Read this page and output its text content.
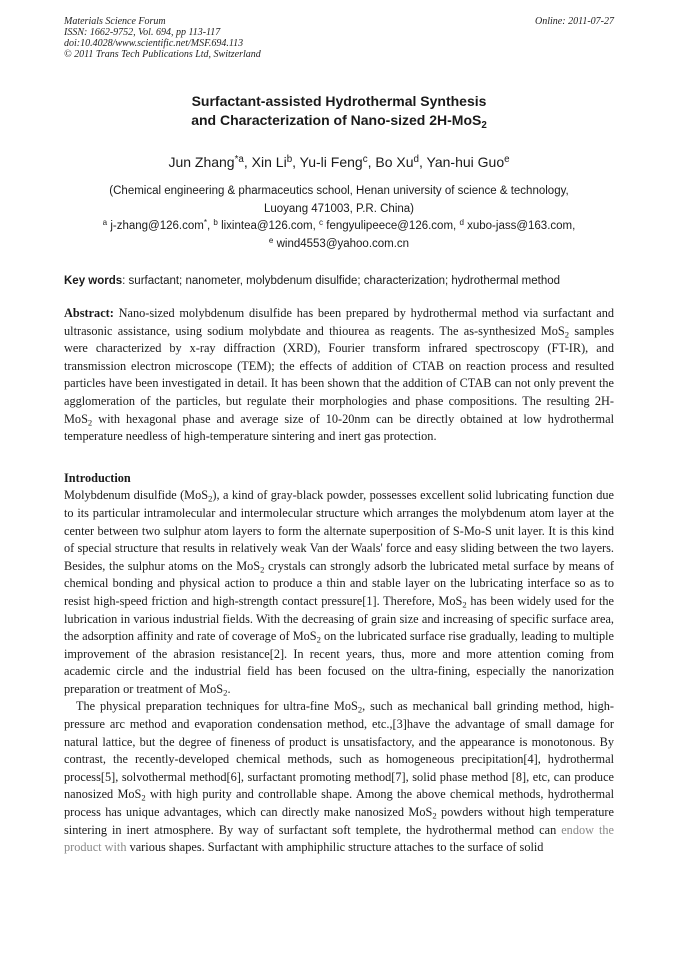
Materials Science Forum
ISSN: 1662-9752, Vol. 694, pp 113-117
doi:10.4028/www.scientific.net/MSF.694.113
© 2011 Trans Tech Publications Ltd, Switzerland
Online: 2011-07-27
Surfactant-assisted Hydrothermal Synthesis
and Characterization of Nano-sized 2H-MoS$_2$
Jun Zhang$^{*a}$, Xin Li$^b$, Yu-li Feng$^c$, Bo Xu$^d$, Yan-hui Guo$^e$
(Chemical engineering & pharmaceutics school, Henan university of science & technology,
Luoyang 471003, P.R. China)
$^a$ j-zhang@126.com*, $^b$ lixintea@126.com, $^c$ fengyulipeece@126.com, $^d$ xubo-jass@163.com,
$^e$ wind4553@yahoo.com.cn
Key words: surfactant; nanometer, molybdenum disulfide; characterization; hydrothermal method
Abstract: Nano-sized molybdenum disulfide has been prepared by hydrothermal method via surfactant and ultrasonic assistance, using sodium molybdate and thiourea as reagents. The as-synthesized MoS$_2$ samples were characterized by x-ray diffraction (XRD), Fourier transform infrared spectroscopy (FT-IR), and transmission electron microscope (TEM); the effects of addition of CTAB on reaction process and resulted particles have been investigated in detail. It has been shown that the addition of CTAB can not only prevent the agglomeration of the particles, but regulate their morphologies and phase compositions. The resulting 2H-MoS$_2$ with hexagonal phase and average size of 10-20nm can be directly obtained at low hydrothermal temperature needless of high-temperature sintering and inert gas protection.
Introduction
Molybdenum disulfide (MoS$_2$), a kind of gray-black powder, possesses excellent solid lubricating function due to its particular intramolecular and intermolecular structure which arranges the molybdenum atom layer at the center between two sulphur atom layers to form the alternate superposition of S-Mo-S unit layer. It is this kind of special structure that results in relatively weak Van der Waals' force and easy sliding between the two layers. Besides, the sulphur atoms on the MoS$_2$ crystals can strongly adsorb the lubricated metal surface by means of chemical bonding and physical action to produce a thin and stable layer on the lubricating interface so as to resist high-speed friction and high-strength contact pressure[1]. Therefore, MoS$_2$ has been widely used for the lubrication in various industrial fields. With the decreasing of grain size and increasing of specific surface area, the adsorption affinity and rate of coverage of MoS$_2$ on the lubricated surface rise gradually, leading to multiple improvement of the abrasion resistance[2]. In recent years, thus, more and more attention coming from academic circle and the industrial field has been focused on the ultra-fining, especially the nanorization preparation or treatment of MoS$_2$.
The physical preparation techniques for ultra-fine MoS$_2$, such as mechanical ball grinding method, high-pressure arc method and evaporation condensation method, etc.,[3]have the advantage of small damage for natural lattice, but the degree of fineness of product is unsatisfactory, and the appearance is monotonous. By contrast, the recently-developed chemical methods, such as homogeneous precipitation[4], hydrothermal process[5], solvothermal method[6], surfactant promoting method[7], solid phase method [8], etc, can produce nanosized MoS$_2$ with high purity and controllable shape. Among the above chemical methods, hydrothermal process has unique advantages, which can directly make nanosized MoS$_2$ powders without high temperature sintering in inert atmosphere. By way of surfactant soft templete, the hydrothermal method can endow the product with various shapes. Surfactant with amphiphilic structure attaches to the surface of solid
